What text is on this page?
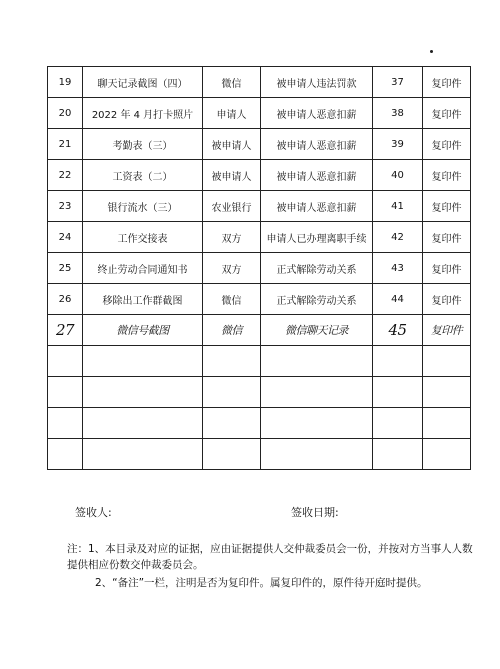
19	聊天记录截图（四）	微信	被申请人违法罚款	37	复印件
20	2022 年 4 月打卡照片	申请人	被申请人恶意扣薪	38	复印件
21	考勤表（三）	被申请人	被申请人恶意扣薪	39	复印件
22	工资表（二）	被申请人	被申请人恶意扣薪	40	复印件
23	银行流水（三）	农业银行	被申请人恶意扣薪	41	复印件
24	工作交接表	双方	申请人已办理离职手续	42	复印件
25	终止劳动合同通知书	双方	正式解除劳动关系	43	复印件
26	移除出工作群截图	微信	正式解除劳动关系	44	复印件
27	微信号截图	微信	微信聊天记录	45	复印件

签收人:	签收日期:

注：1、本目录及对应的证据，应由证据提供人交仲裁委员会一份，并按对方当事人人数提供相应份数交仲裁委员会。

2、“备注”一栏，注明是否为复印件。属复印件的，原件待开庭时提供。
